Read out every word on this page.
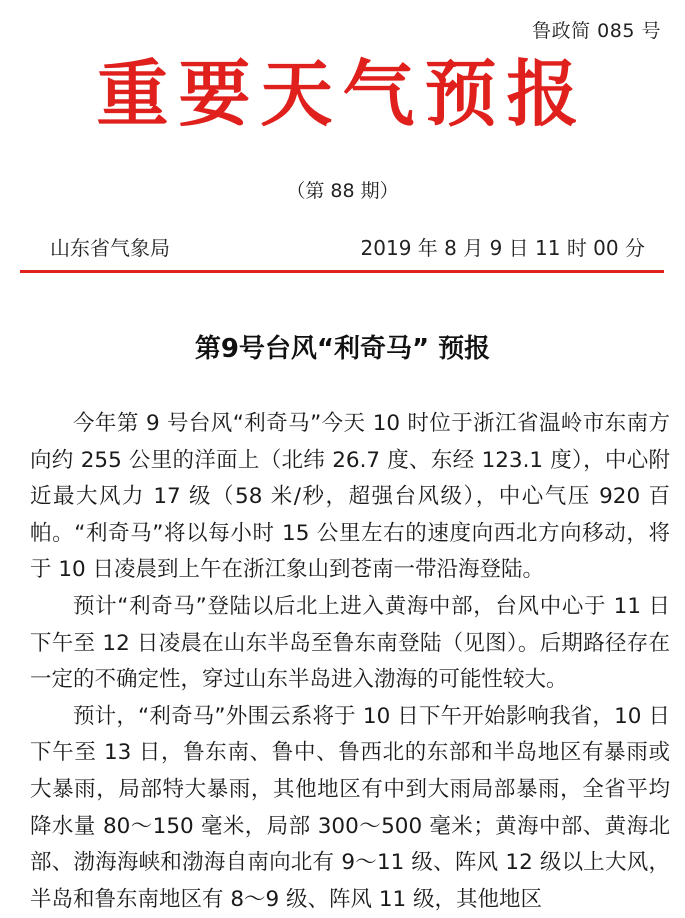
鲁政简 085 号
重要天气预报
（第 88 期）
山东省气象局	2019 年 8 月 9 日 11 时 00 分
第9号台风“利奇马” 预报

今年第 9 号台风“利奇马”今天 10 时位于浙江省温岭市东南方向约 255 公里的洋面上（北纬 26.7 度、东经 123.1 度），中心附近最大风力 17 级（58 米/秒，超强台风级），中心气压 920 百帕。“利奇马”将以每小时 15 公里左右的速度向西北方向移动，将于 10 日凌晨到上午在浙江象山到苍南一带沿海登陆。

预计“利奇马”登陆以后北上进入黄海中部，台风中心于 11 日下午至 12 日凌晨在山东半岛至鲁东南登陆（见图）。后期路径存在一定的不确定性，穿过山东半岛进入渤海的可能性较大。

预计，“利奇马”外围云系将于 10 日下午开始影响我省，10 日下午至 13 日，鲁东南、鲁中、鲁西北的东部和半岛地区有暴雨或大暴雨，局部特大暴雨，其他地区有中到大雨局部暴雨，全省平均降水量 80～150 毫米，局部 300～500 毫米；黄海中部、黄海北部、渤海海峡和渤海自南向北有 9～11 级、阵风 12 级以上大风，半岛和鲁东南地区有 8～9 级、阵风 11 级，其他地区
